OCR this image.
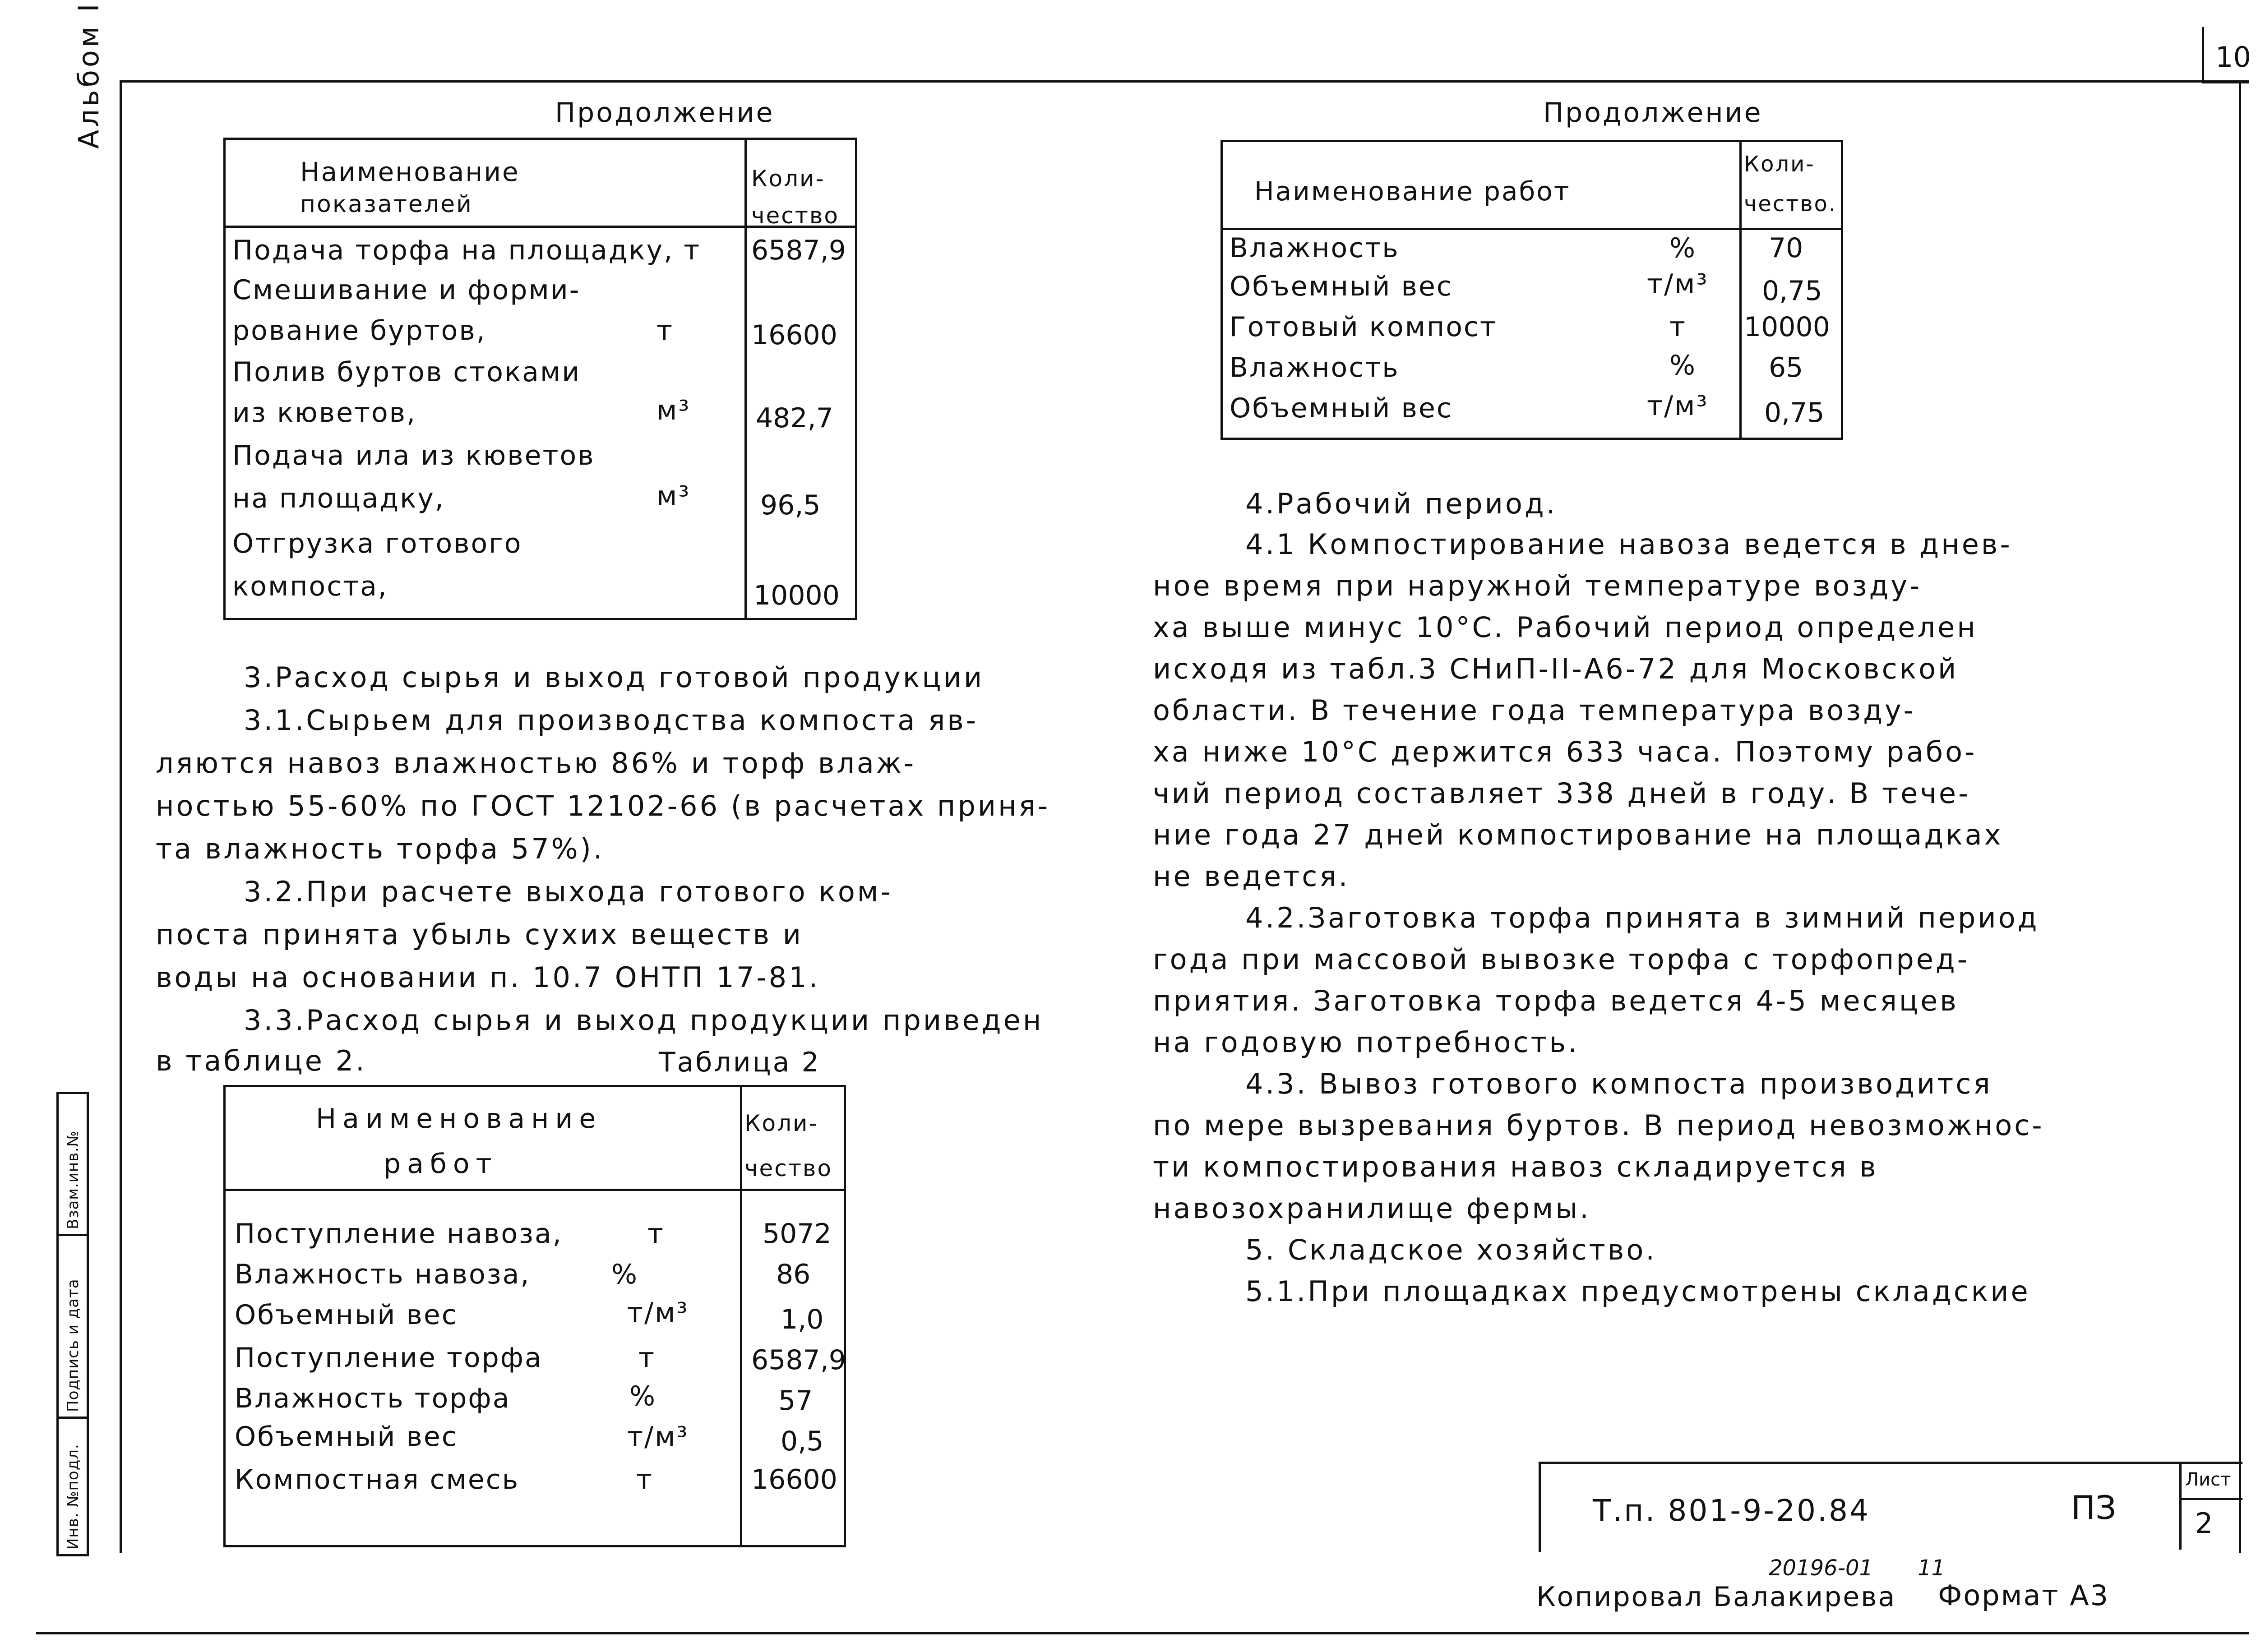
Альбом I	10
Инв. №подл.
Подпись и дата
Взам.инв.№
Продолжение
Наименование
показателей
Коли-
чество
Подача торфа на площадку, т 6587,9
Смешивание и форми-
рование буртов,	т	16600
Полив буртов стоками
из кюветов,	м³ 482,7
Подача ила из кюветов
на площадку,	м³	96,5
Отгрузка готового
компоста,	10000
Продолжение
Наименование работ
Коли-
чество.
Влажность	%	70
Объемный вес	т/м³ 0,75
Готовый компост	т 10000
Влажность	%	65
Объемный вес	т/м³ 0,75
3.Расход сырья и выход готовой продукции
3.1.Сырьем для производства компоста яв-
ляются навоз влажностью 86% и торф влаж-
ностью 55-60% по ГОСТ 12102-66 (в расчетах приня-
та влажность торфа 57%).
3.2.При расчете выхода готового ком-
поста принята убыль сухих веществ и
воды на основании п. 10.7 ОНТП 17-81.
3.3.Расход сырья и выход продукции приведен
в таблице 2.	Таблица 2
Наименование
работ
Коли-
чество
Поступление навоза,	т	5072
Влажность навоза,	%	86
Объемный вес	т/м³	1,0
Поступление торфа	т	6587,9
Влажность торфа	%	57
Объемный вес	т/м³	0,5
Компостная смесь	т	16600
4.Рабочий период.
4.1 Компостирование навоза ведется в днев-
ное время при наружной температуре возду-
ха выше минус 10°С. Рабочий период определен
исходя из табл.3 СНиП-II-А6-72 для Московской
области. В течение года температура возду-
ха ниже 10°С держится 633 часа. Поэтому рабо-
чий период составляет 338 дней в году. В тече-
ние года 27 дней компостирование на площадках
не ведется.
4.2.Заготовка торфа принята в зимний период
года при массовой вывозке торфа с торфопред-
приятия. Заготовка торфа ведется 4-5 месяцев
на годовую потребность.
4.3. Вывоз готового компоста производится
по мере вызревания буртов. В период невозможнос-
ти компостирования навоз складируется в
навозохранилище фермы.
5. Складское хозяйство.
5.1.При площадках предусмотрены складские
Т.п. 801-9-20.84	ПЗ
Лист
2
20196-01 11
Копировал Балакирева Формат А3
